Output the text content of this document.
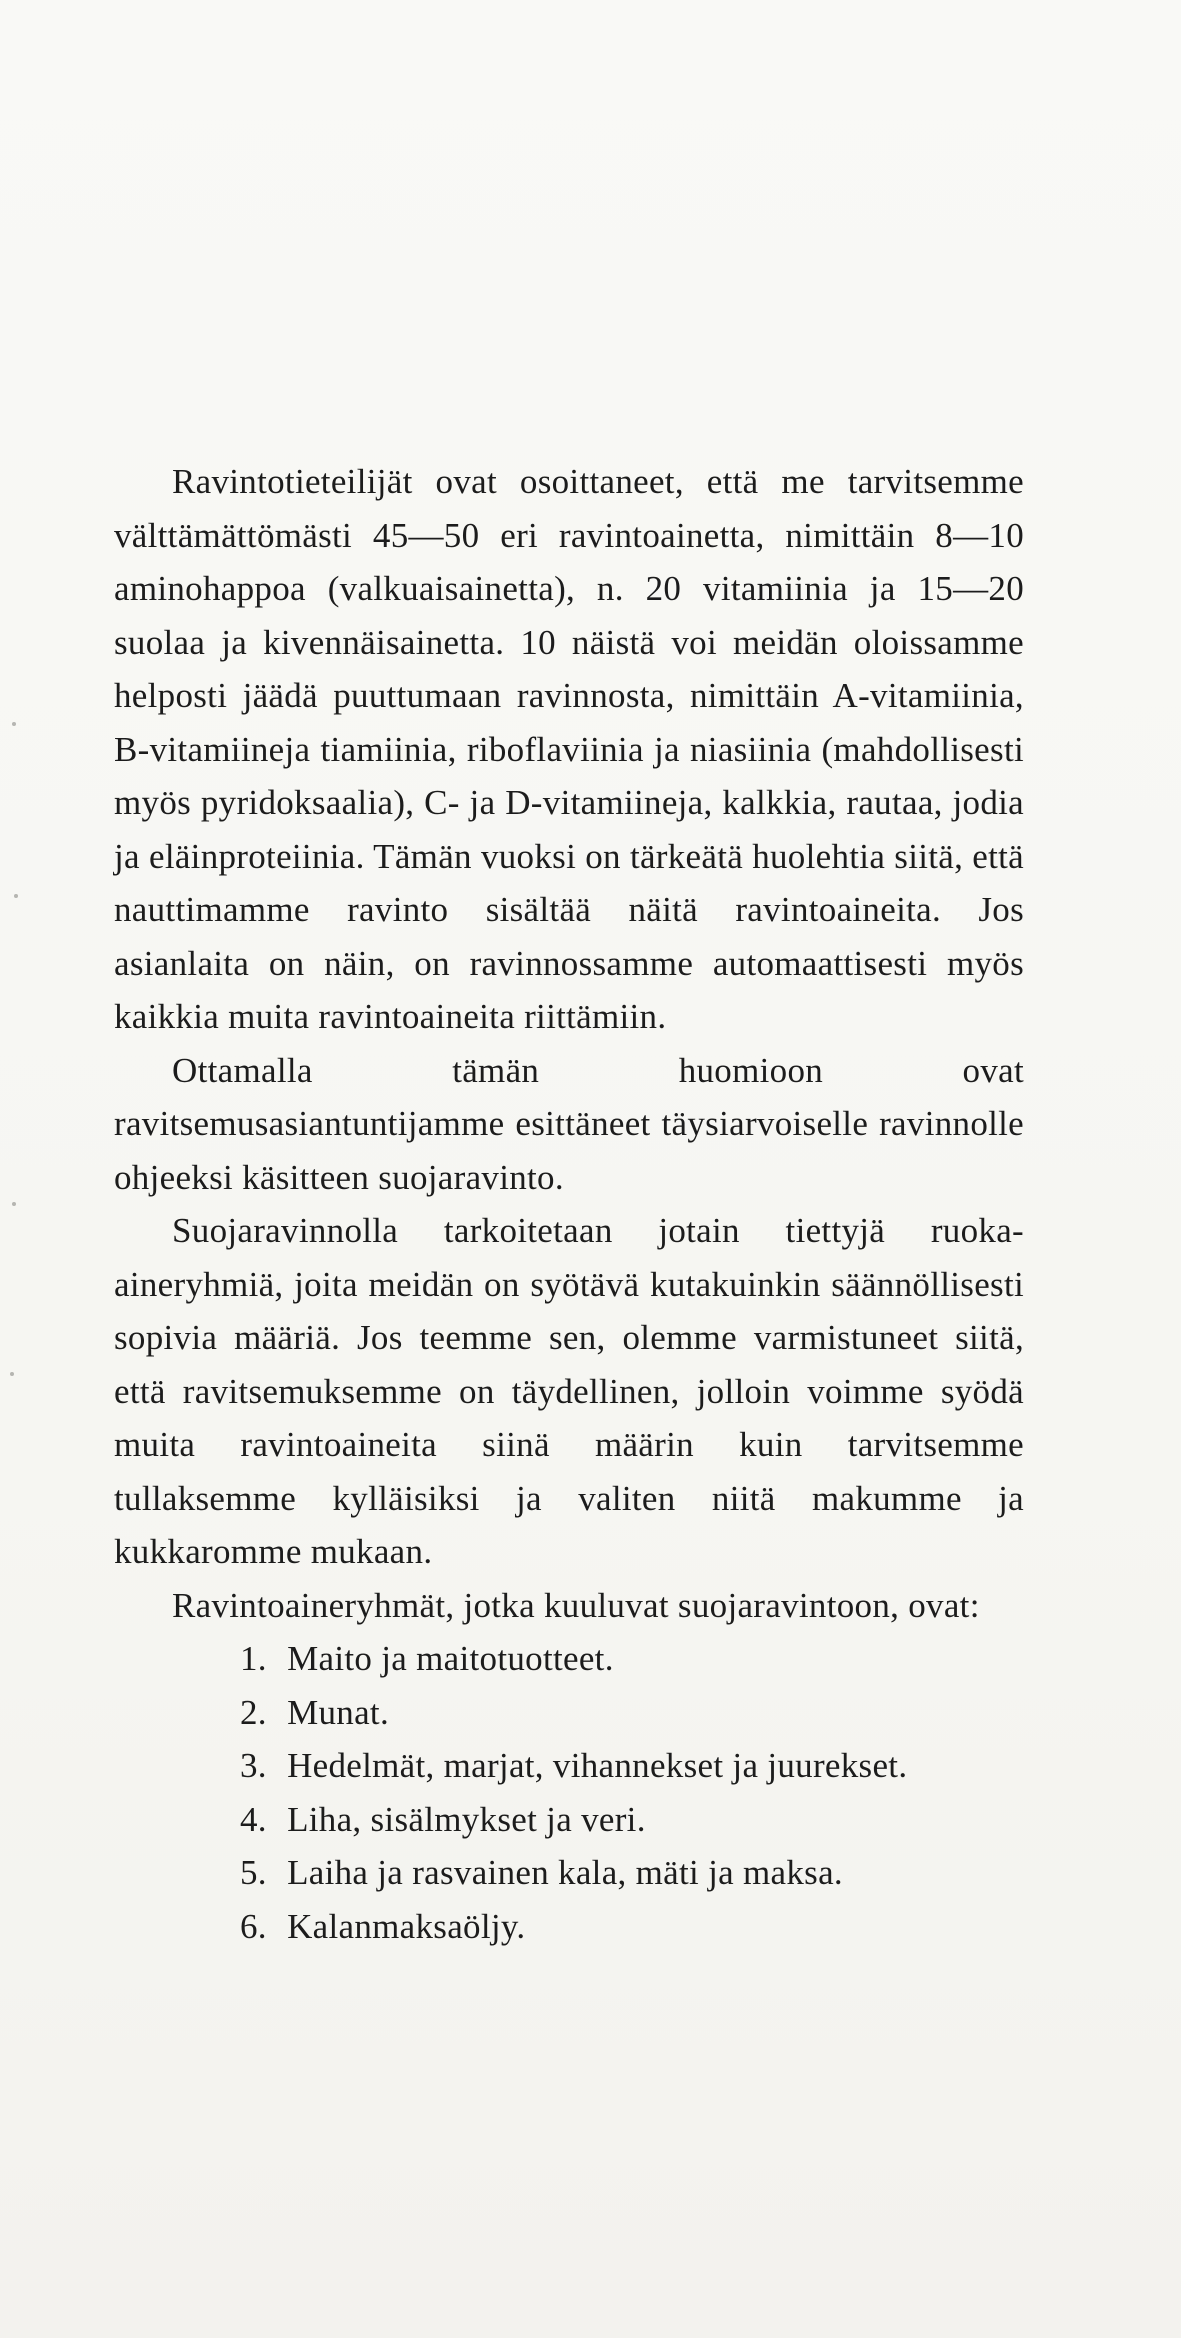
Ravintotieteilijät ovat osoittaneet, että me tarvitsemme välttämättömästi 45—50 eri ravintoainetta, nimittäin 8—10 aminohappoa (valkuaisainetta), n. 20 vitamiinia ja 15—20 suolaa ja kivennäisainetta. 10 näistä voi meidän oloissamme helposti jäädä puuttumaan ravinnosta, nimittäin A-vitamiinia, B-vitamiineja tiamiinia, riboflaviinia ja niasiinia (mahdollisesti myös pyridoksaalia), C- ja D-vitamiineja, kalkkia, rautaa, jodia ja eläinproteiinia. Tämän vuoksi on tärkeätä huolehtia siitä, että nauttimamme ravinto sisältää näitä ravintoaineita. Jos asianlaita on näin, on ravinnossamme automaattisesti myös kaikkia muita ravintoaineita riittämiin.

Ottamalla tämän huomioon ovat ravitsemusasiantuntijamme esittäneet täysiarvoiselle ravinnolle ohjeeksi käsitteen suojaravinto.

Suojaravinnolla tarkoitetaan jotain tiettyjä ruoka-aineryhmiä, joita meidän on syötävä kutakuinkin säännöllisesti sopivia määriä. Jos teemme sen, olemme varmistuneet siitä, että ravitsemuksemme on täydellinen, jolloin voimme syödä muita ravintoaineita siinä määrin kuin tarvitsemme tullaksemme kylläisiksi ja valiten niitä makumme ja kukkaromme mukaan.

Ravintoaineryhmät, jotka kuuluvat suojaravintoon, ovat:

1. Maito ja maitotuotteet.
2. Munat.
3. Hedelmät, marjat, vihannekset ja juurekset.
4. Liha, sisälmykset ja veri.
5. Laiha ja rasvainen kala, mäti ja maksa.
6. Kalanmaksaöljy.
